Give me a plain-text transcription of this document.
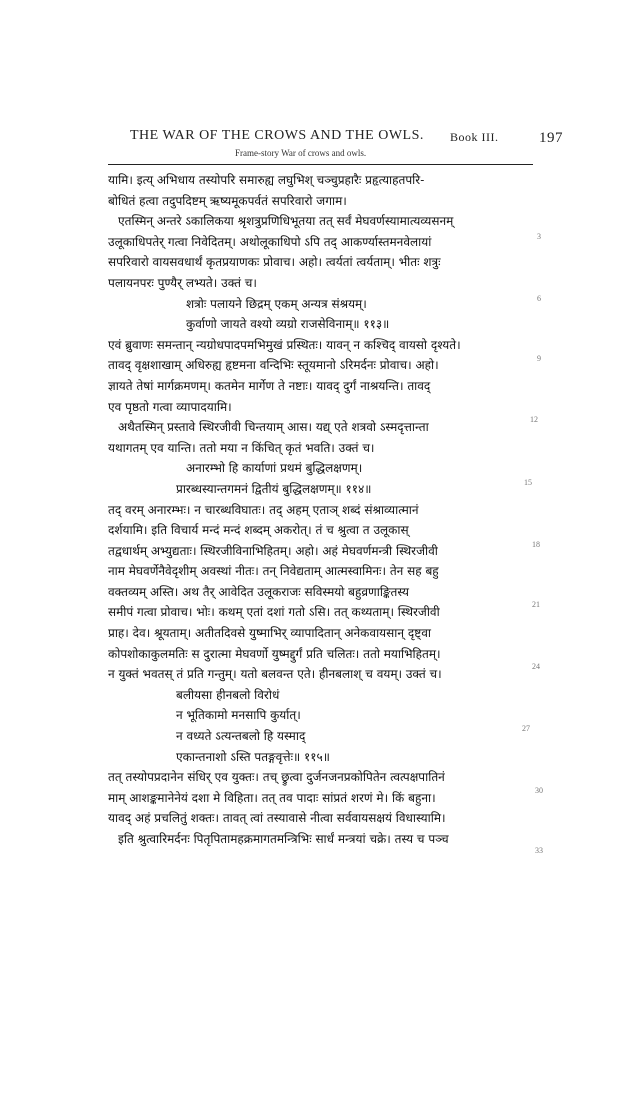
THE WAR OF THE CROWS AND THE OWLS. Book III.	197
Frame-story War of crows and owls.
यामि। इत्य् अभिधाय तस्योपरि समारुह्य लघुभिश् चञ्चुप्रहारैः प्रहृत्याहतपरि-
बोधितं हत्वा तदुपदिष्टम् ऋष्यमूकपर्वतं सपरिवारो जगाम।
एतस्मिन् अन्तरे ऽकालिकया श्रृशत्रुप्रणिधिभूतया तत् सर्वं मेघवर्णस्यामात्यव्यसनम्
उलूकाधिपतेर् गत्वा निवेदितम्। अथोलूकाधिपो ऽपि तद् आकर्ण्यास्तमनवेलायां
सपरिवारो वायसवधार्थं कृतप्रयाणकः प्रोवाच। अहो। त्वर्यतां त्वर्यताम्। भीतः शत्रुः
पलायनपरः पुण्यैर् लभ्यते। उक्तं च।
शत्रोः पलायने छिद्रम् एकम् अन्यत्र संश्रयम्।
कुर्वाणो जायते वश्यो व्यग्रो राजसेविनाम्॥ ११३॥
एवं ब्रुवाणः समन्तान् न्यग्रोधपादपमभिमुखं प्रस्थितः। यावन् न कश्चिद् वायसो दृश्यते।
तावद् वृक्षशाखाम् अधिरुह्य हृष्टमना वन्दिभिः स्तूयमानो ऽरिमर्दनः प्रोवाच। अहो।
ज्ञायते तेषां मार्गक्रमणम्। कतमेन मार्गेण ते नष्टाः। यावद् दुर्गं नाश्रयन्ति। तावद्
एव पृष्ठतो गत्वा व्यापादयामि।
अथैतस्मिन् प्रस्तावे स्थिरजीवी चिन्तयाम् आस। यद्य् एते शत्रवो ऽस्मदृत्तान्ता
यथागतम् एव यान्ति। ततो मया न किंचित् कृतं भवति। उक्तं च।
अनारम्भो हि कार्याणां प्रथमं बुद्धिलक्षणम्।
प्रारब्धस्यान्तगमनं द्वितीयं बुद्धिलक्षणम्॥ ११४॥
तद् वरम् अनारम्भः। न चारब्धविघातः। तद् अहम् एताञ् शब्दं संश्राव्यात्मानं
दर्शयामि। इति विचार्य मन्दं मन्दं शब्दम् अकरोत्। तं च श्रुत्वा त उलूकास्
तद्वधार्थम् अभ्युद्यताः। स्थिरजीविनाभिहितम्। अहो। अहं मेघवर्णमन्त्री स्थिरजीवी
नाम मेघवर्णेनैवेदृशीम् अवस्थां नीतः। तन् निवेद्यताम् आत्मस्वामिनः। तेन सह बहु
वक्तव्यम् अस्ति। अथ तैर् आवेदित उलूकराजः सविस्मयो बहुव्रणाङ्कितस्य
समीपं गत्वा प्रोवाच। भोः। कथम् एतां दशां गतो ऽसि। तत् कथ्यताम्। स्थिरजीवी
प्राह। देव। श्रूयताम्। अतीतदिवसे युष्माभिर् व्यापादितान् अनेकवायसान् दृष्ट्वा
कोपशोकाकुलमतिः स दुरात्मा मेघवर्णो युष्मद्दुर्गं प्रति चलितः। ततो मयाभिहितम्।
न युक्तं भवतस् तं प्रति गन्तुम्। यतो बलवन्त एते। हीनबलाश् च वयम्। उक्तं च।
बलीयसा हीनबलो विरोधं
न भूतिकामो मनसापि कुर्यात्।
न वध्यते ऽत्यन्तबलो हि यस्माद्
एकान्तनाशो ऽस्ति पतङ्गवृत्तेः॥ ११५॥
तत् तस्योपप्रदानेन संधिर् एव युक्तः। तच् छ्रुत्वा दुर्जनजनप्रकोपितेन त्वत्पक्षपातिनं
माम् आशङ्कमानेनेयं दशा मे विहिता। तत् तव पादाः सांप्रतं शरणं मे। किं बहुना।
यावद् अहं प्रचलितुं शक्तः। तावत् त्वां तस्यावासे नीत्वा सर्ववायसक्षयं विधास्यामि।
इति श्रुत्वारिमर्दनः पितृपितामहक्रमागतमन्त्रिभिः सार्धं मन्त्रयां चक्रे। तस्य च पञ्च
3
6
9
12
15
18
21
24
27
30
33
